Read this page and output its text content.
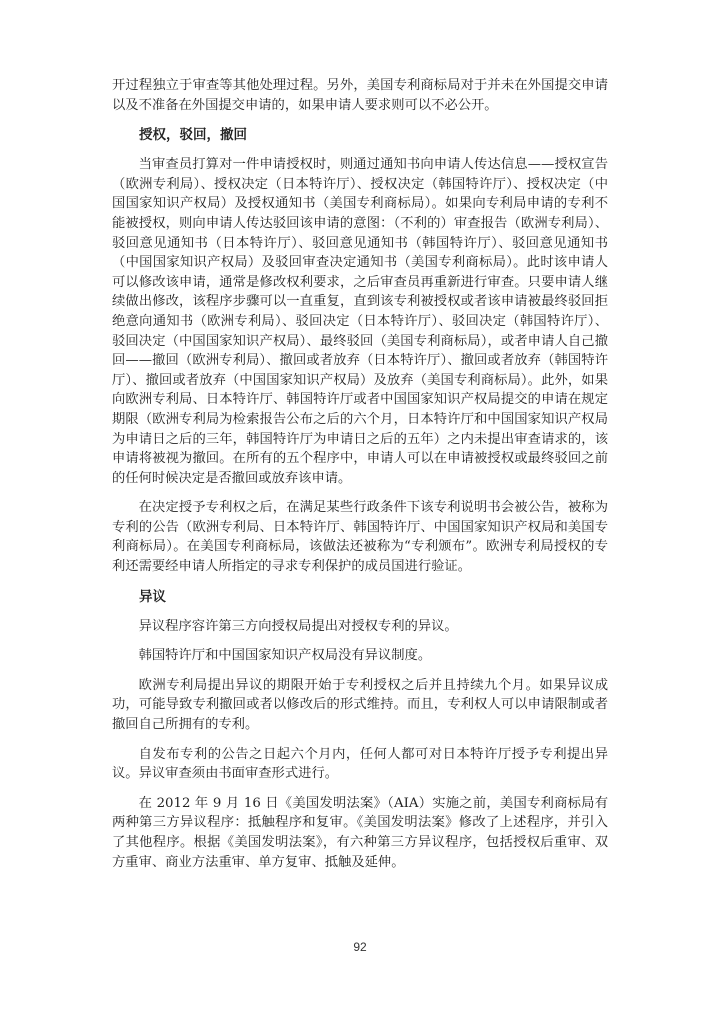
开过程独立于审查等其他处理过程。另外，美国专利商标局对于并未在外国提交申请以及不准备在外国提交申请的，如果申请人要求则可以不必公开。

授权，驳回，撤回

当审查员打算对一件申请授权时，则通过通知书向申请人传达信息——授权宣告（欧洲专利局）、授权决定（日本特许厅）、授权决定（韩国特许厅）、授权决定（中国国家知识产权局）及授权通知书（美国专利商标局）。如果向专利局申请的专利不能被授权，则向申请人传达驳回该申请的意图：（不利的）审查报告（欧洲专利局）、驳回意见通知书（日本特许厅）、驳回意见通知书（韩国特许厅）、驳回意见通知书（中国国家知识产权局）及驳回审查决定通知书（美国专利商标局）。此时该申请人可以修改该申请，通常是修改权利要求，之后审查员再重新进行审查。只要申请人继续做出修改，该程序步骤可以一直重复，直到该专利被授权或者该申请被最终驳回拒绝意向通知书（欧洲专利局）、驳回决定（日本特许厅）、驳回决定（韩国特许厅）、驳回决定（中国国家知识产权局）、最终驳回（美国专利商标局），或者申请人自己撤回——撤回（欧洲专利局）、撤回或者放弃（日本特许厅）、撤回或者放弃（韩国特许厅）、撤回或者放弃（中国国家知识产权局）及放弃（美国专利商标局）。此外，如果向欧洲专利局、日本特许厅、韩国特许厅或者中国国家知识产权局提交的申请在规定期限（欧洲专利局为检索报告公布之后的六个月，日本特许厅和中国国家知识产权局为申请日之后的三年，韩国特许厅为申请日之后的五年）之内未提出审查请求的，该申请将被视为撤回。在所有的五个程序中，申请人可以在申请被授权或最终驳回之前的任何时候决定是否撤回或放弃该申请。

在决定授予专利权之后，在满足某些行政条件下该专利说明书会被公告，被称为专利的公告（欧洲专利局、日本特许厅、韩国特许厅、中国国家知识产权局和美国专利商标局）。在美国专利商标局，该做法还被称为“专利颁布”。欧洲专利局授权的专利还需要经申请人所指定的寻求专利保护的成员国进行验证。

异议

异议程序容许第三方向授权局提出对授权专利的异议。

韩国特许厅和中国国家知识产权局没有异议制度。

欧洲专利局提出异议的期限开始于专利授权之后并且持续九个月。如果异议成功，可能导致专利撤回或者以修改后的形式维持。而且，专利权人可以申请限制或者撤回自己所拥有的专利。

自发布专利的公告之日起六个月内，任何人都可对日本特许厅授予专利提出异议。异议审查须由书面审查形式进行。

在 2012 年 9 月 16 日《美国发明法案》（AIA）实施之前，美国专利商标局有两种第三方异议程序：抵触程序和复审。《美国发明法案》修改了上述程序，并引入了其他程序。根据《美国发明法案》，有六种第三方异议程序，包括授权后重审、双方重审、商业方法重审、单方复审、抵触及延伸。

92
